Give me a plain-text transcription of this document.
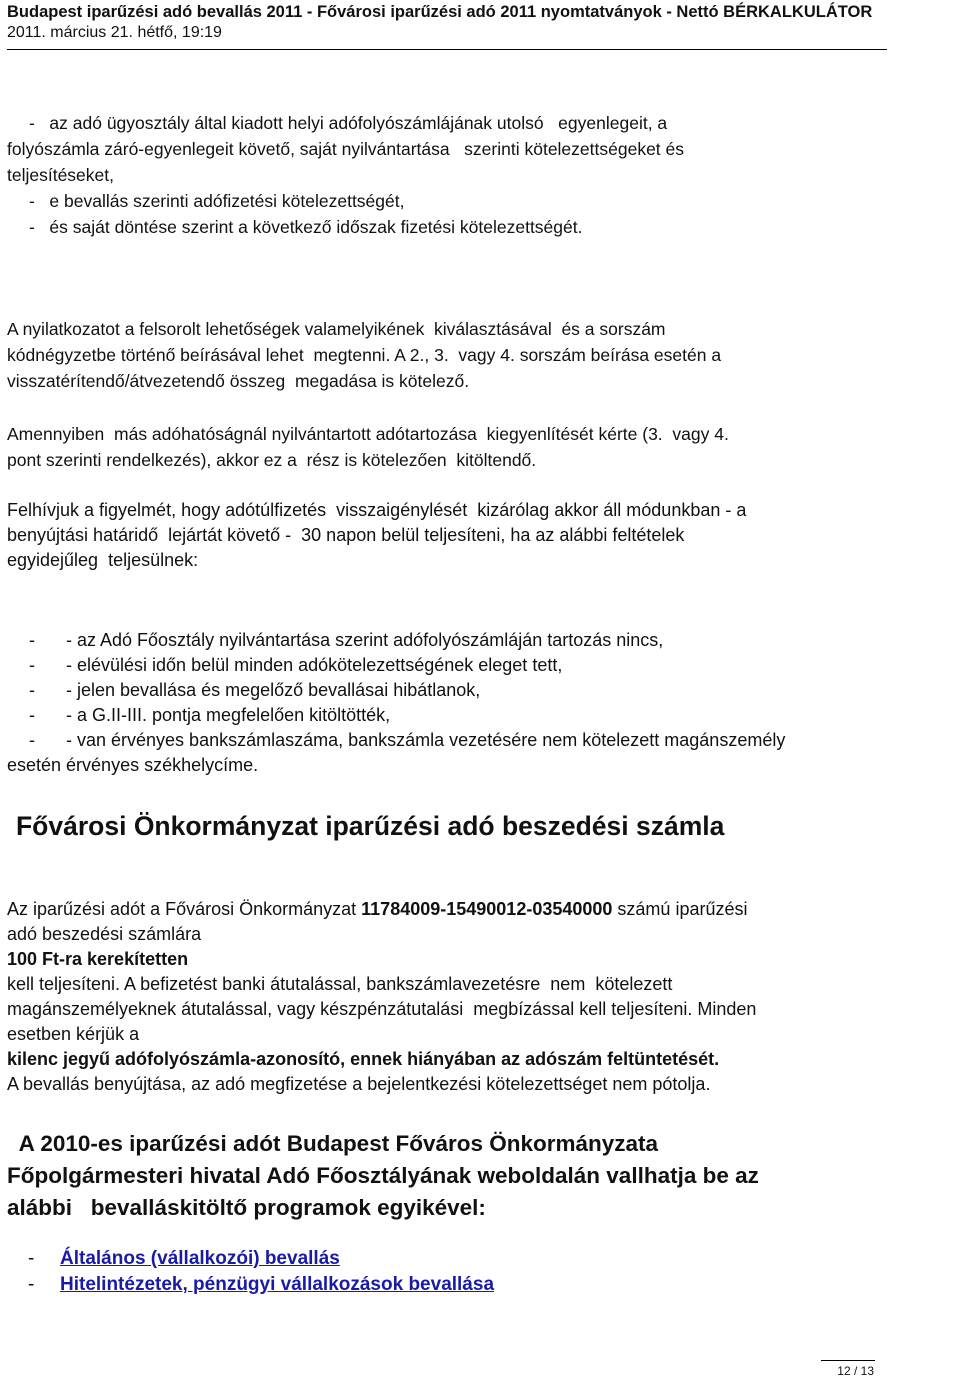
Budapest iparűzési adó bevallás 2011 - Fővárosi iparűzési adó 2011 nyomtatványok - Nettó BÉRKALKULÁTOR
2011. március 21. hétfő, 19:19

-   az adó ügyosztály által kiadott helyi adófolyószámlájának utolsó   egyenlegeit, a

folyószámla záró-egyenlegeit követő, saját nyilvántartása   szerinti kötelezettségeket és

teljesítéseket,

-   e bevallás szerinti adófizetési kötelezettségét,

-   és saját döntése szerint a következő időszak fizetési kötelezettségét.

A nyilatkozatot a felsorolt lehetőségek valamelyikének  kiválasztásával  és a sorszám

kódnégyzetbe történő beírásával lehet  megtenni. A 2., 3.  vagy 4. sorszám beírása esetén a

visszatérítendő/átvezetendő összeg  megadása is kötelező.

Amennyiben  más adóhatóságnál nyilvántartott adótartozása  kiegyenlítését kérte (3.  vagy 4.

pont szerinti rendelkezés), akkor ez a  rész is kötelezően  kitöltendő.

Felhívjuk a figyelmét, hogy adótúlfizetés  visszaigénylését  kizárólag akkor áll módunkban - a

benyújtási határidő  lejártát követő -  30 napon belül teljesíteni, ha az alábbi feltételek

egyidejűleg  teljesülnek:

-	- az Adó Főosztály nyilvántartása szerint adófolyószámláján tartozás nincs,
-	- elévülési időn belül minden adókötelezettségének eleget tett,
-	- jelen bevallása és megelőző bevallásai hibátlanok,
-	- a G.II-III. pontja megfelelően kitöltötték,
-	- van érvényes bankszámlaszáma, bankszámla vezetésére nem kötelezett magánszemély

esetén érvényes székhelycíme.

Fővárosi Önkormányzat iparűzési adó beszedési számla

Az iparűzési adót a Fővárosi Önkormányzat 11784009-15490012-03540000 számú iparűzési

adó beszedési számlára

100 Ft-ra kerekítetten

kell teljesíteni. A befizetést banki átutalással, bankszámlavezetésre  nem  kötelezett

magánszemélyeknek átutalással, vagy készpénzátutalási  megbízással kell teljesíteni. Minden

esetben kérjük a

kilenc jegyű adófolyószámla-azonosító, ennek hiányában az adószám feltüntetését.

A bevallás benyújtása, az adó megfizetése a bejelentkezési kötelezettséget nem pótolja.

A 2010-es iparűzési adót Budapest Főváros Önkormányzata
Főpolgármesteri hivatal Adó Főosztályának weboldalán vallhatja be az
alábbi   bevalláskitöltő programok egyikével:
-	Általános (vállalkozói) bevallás
-	Hitelintézetek, pénzügyi vállalkozások bevallása
12 / 13
